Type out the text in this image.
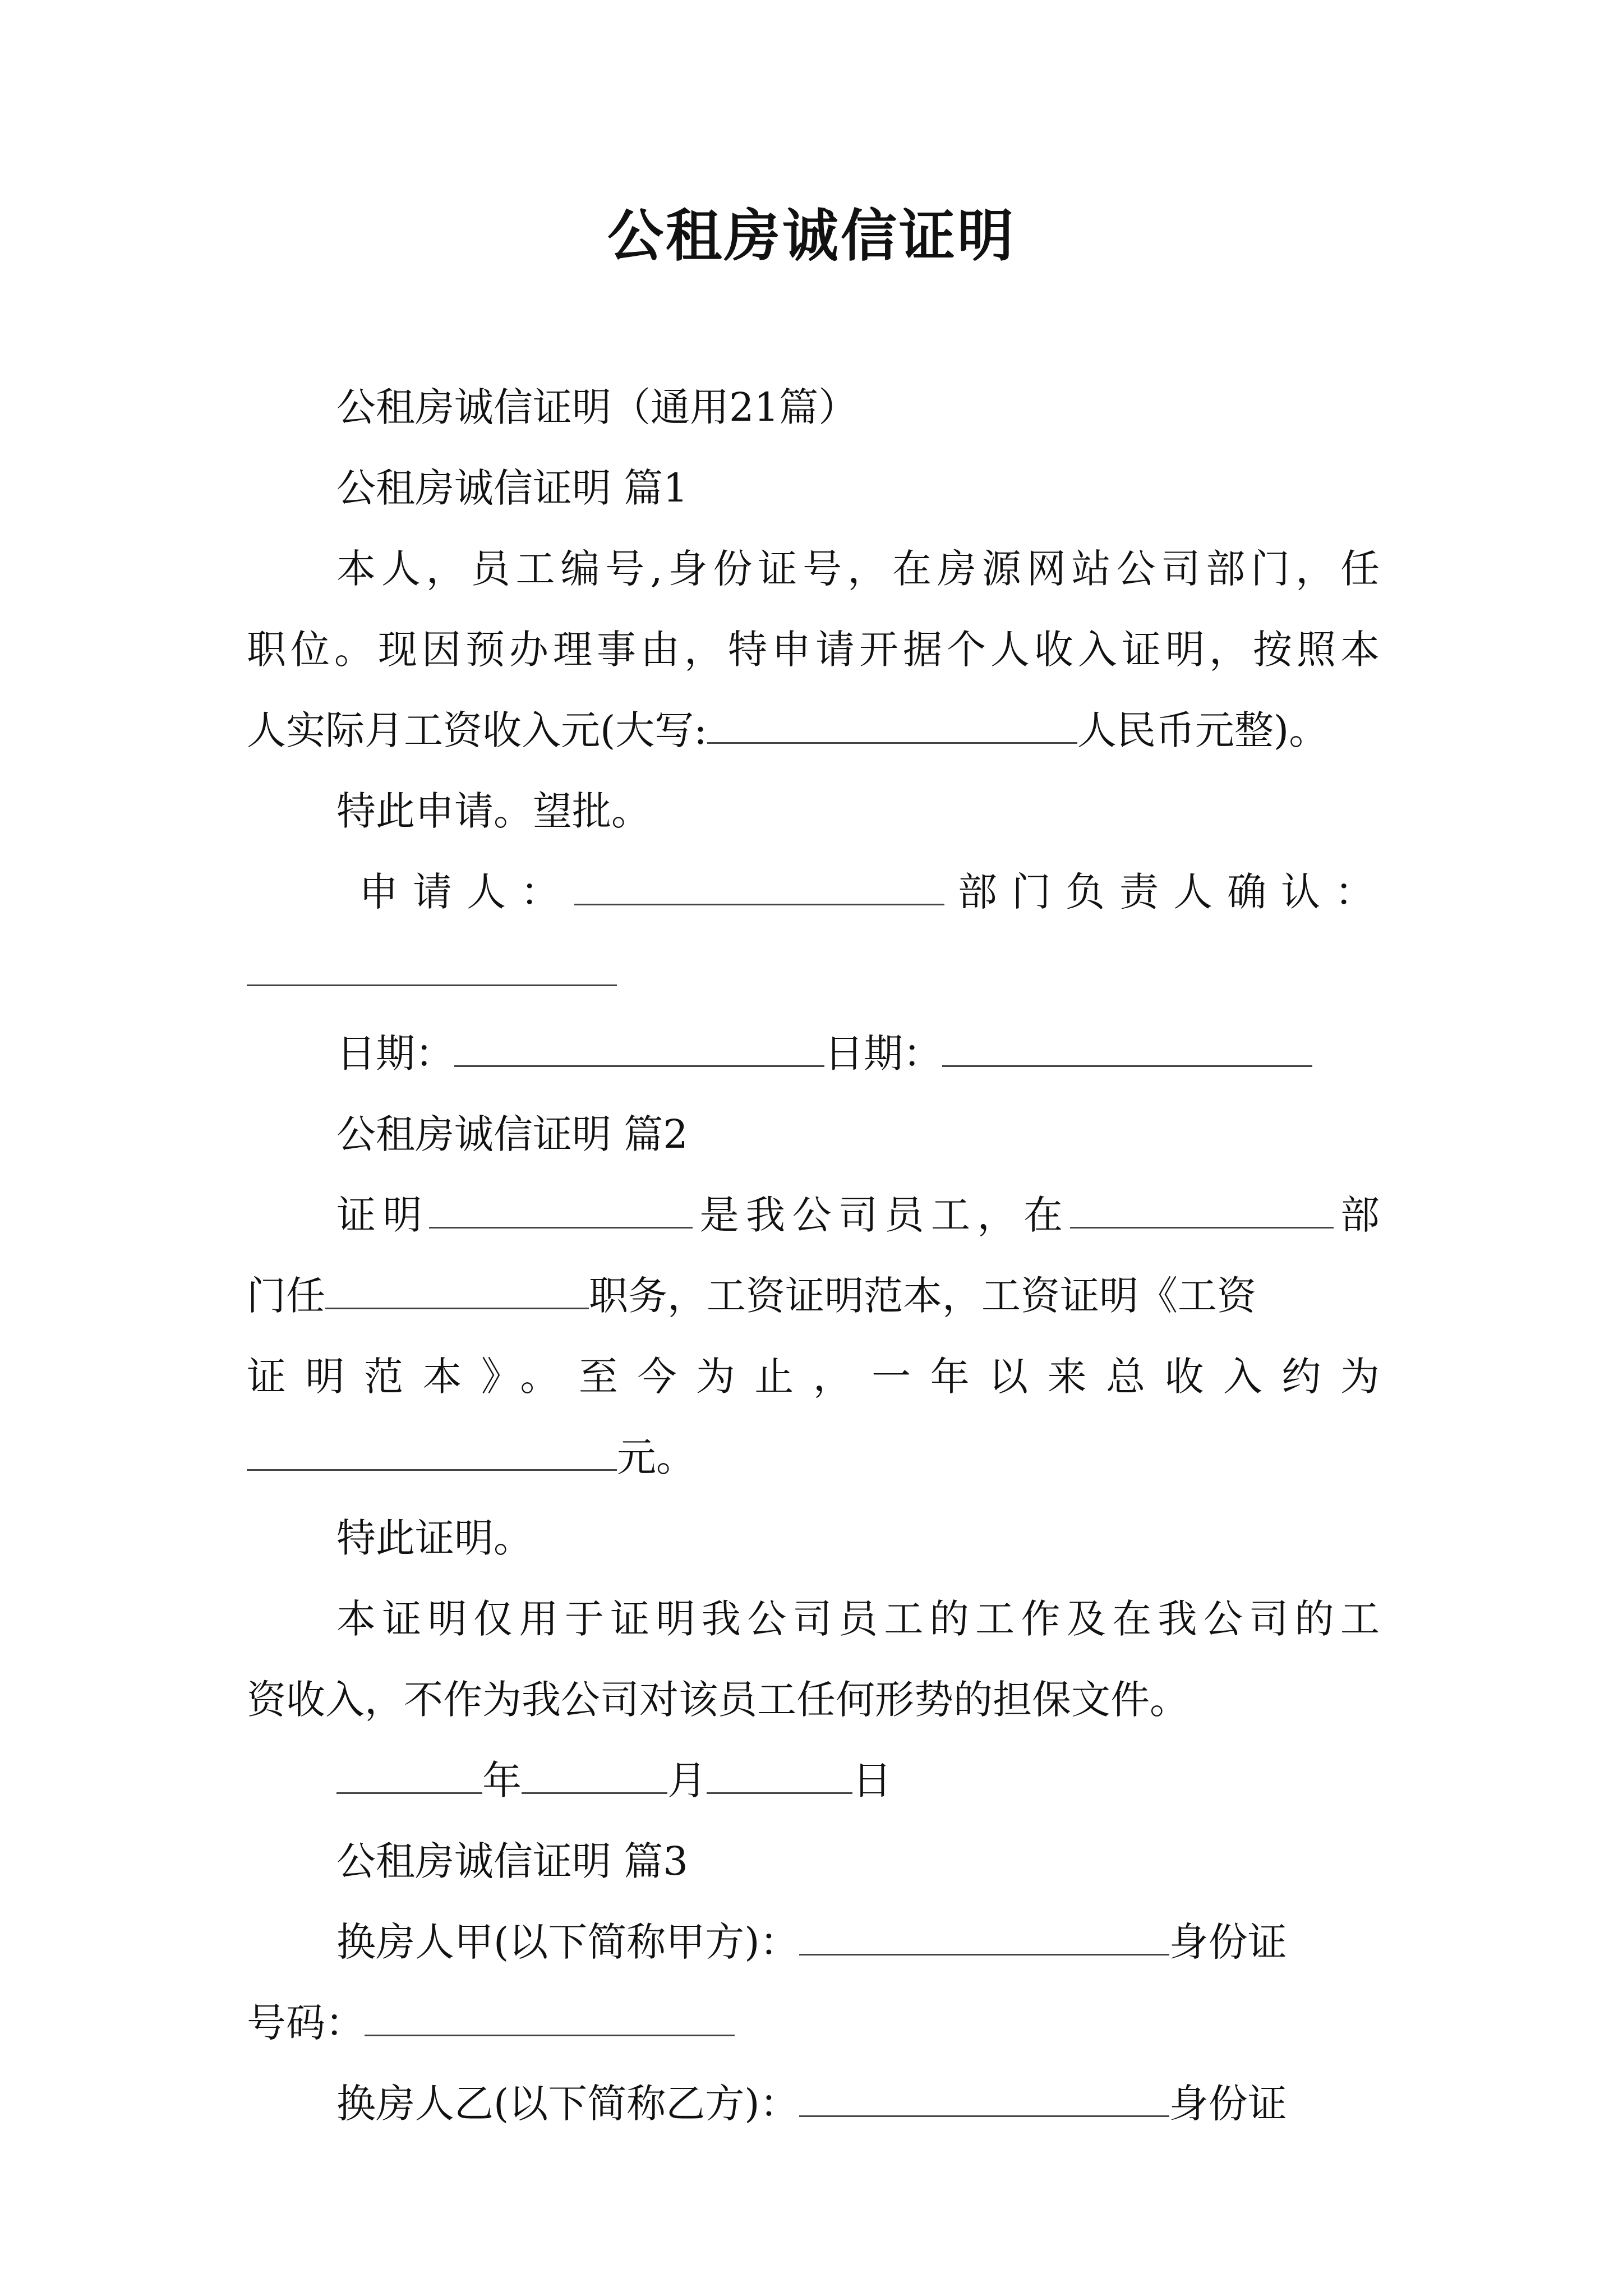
公租房诚信证明
公租房诚信证明（通用21篇）
公租房诚信证明 篇1
本人，员工编号,身份证号，在房源网站公司部门，任
职位。现因预办理事由，特申请开据个人收入证明，按照本
人实际月工资收入元(大写:	人民币元整)。
特此申请。望批。
申请人：	部门负责人确认：
日期：	日期：
公租房诚信证明 篇2
证明	是我公司员工，在	部
门任	职务，工资证明范本，工资证明《工资
证明范本》。至今为止，一年以来总收入约为
元。
特此证明。
本证明仅用于证明我公司员工的工作及在我公司的工
资收入，不作为我公司对该员工任何形势的担保文件。
年	月	日
公租房诚信证明 篇3
换房人甲(以下简称甲方)：	身份证
号码：
换房人乙(以下简称乙方)：	身份证
